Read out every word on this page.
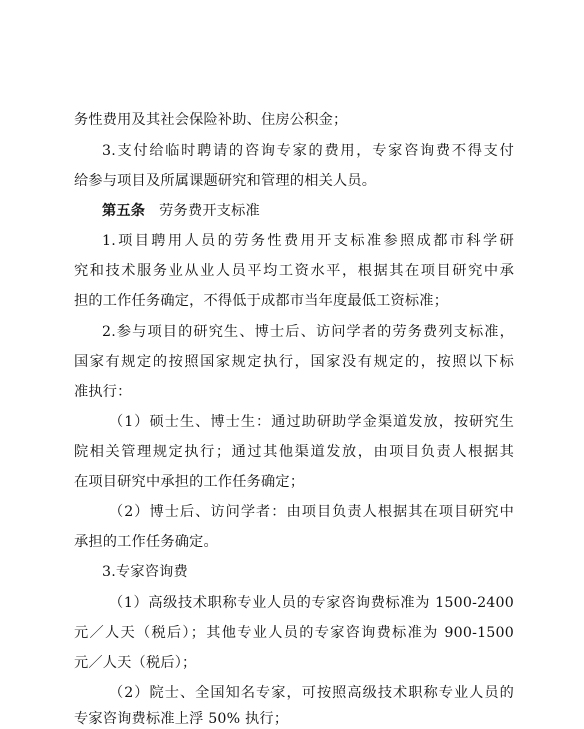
务性费用及其社会保险补助、住房公积金；
3.支付给临时聘请的咨询专家的费用，专家咨询费不得支付
给参与项目及所属课题研究和管理的相关人员。
第五条 劳务费开支标准
1.项目聘用人员的劳务性费用开支标准参照成都市科学研
究和技术服务业从业人员平均工资水平，根据其在项目研究中承
担的工作任务确定，不得低于成都市当年度最低工资标准；
2.参与项目的研究生、博士后、访问学者的劳务费列支标准，
国家有规定的按照国家规定执行，国家没有规定的，按照以下标
准执行：
（1）硕士生、博士生：通过助研助学金渠道发放，按研究生
院相关管理规定执行；通过其他渠道发放，由项目负责人根据其
在项目研究中承担的工作任务确定；
（2）博士后、访问学者：由项目负责人根据其在项目研究中
承担的工作任务确定。
3.专家咨询费
（1）高级技术职称专业人员的专家咨询费标准为 1500-2400
元／人天（税后）；其他专业人员的专家咨询费标准为 900-1500
元／人天（税后）；
（2）院士、全国知名专家，可按照高级技术职称专业人员的
专家咨询费标准上浮 50% 执行；
